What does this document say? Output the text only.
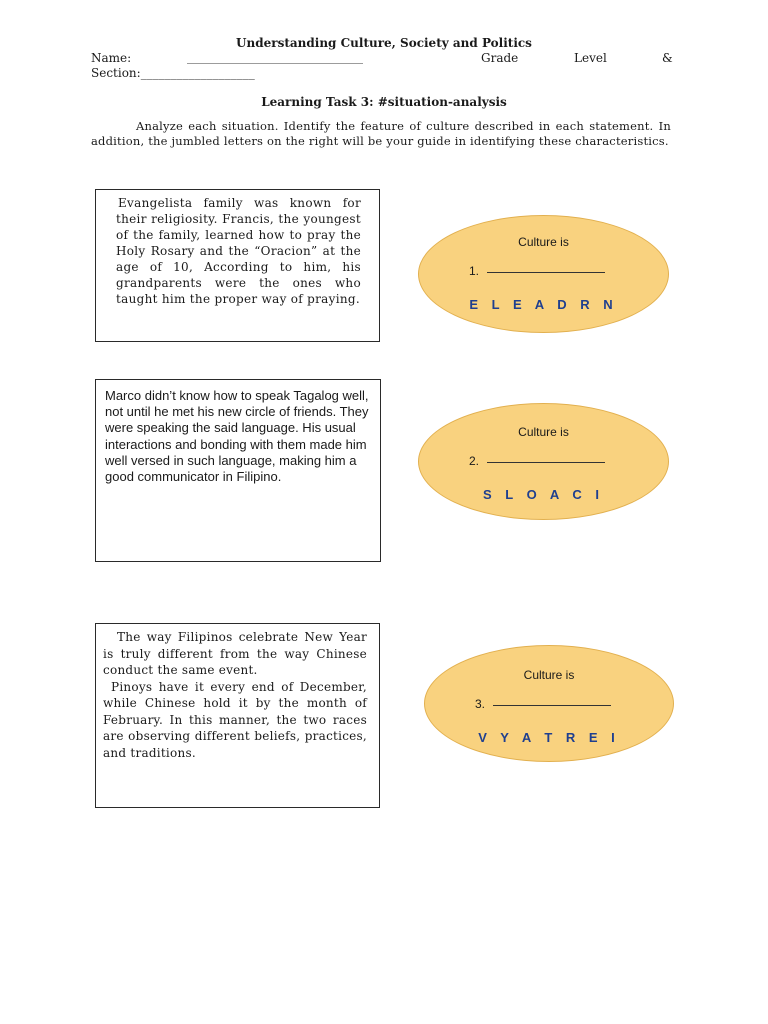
Understanding Culture, Society and Politics
Name:	________________________________	Grade	Level	&
Section:___________________
Learning Task 3: #situation-analysis
Analyze each situation. Identify the feature of culture described in each statement. In addition, the jumbled letters on the right will be your guide in identifying these characteristics.
Evangelista family was known for their religiosity. Francis, the youngest of the family, learned how to pray the Holy Rosary and the “Oracion” at the age of 10, According to him, his grandparents were the ones who taught him the proper way of praying.
Culture is
1.
E L E A D R N
Marco didn’t know how to speak Tagalog well, not until he met his new circle of friends. They were speaking the said language. His usual interactions and bonding with them made him well versed in such language, making him a good communicator in Filipino.
Culture is
2.
S L O A C I

The way Filipinos celebrate New Year is truly different from the way Chinese conduct the same event.

Pinoys have it every end of December, while Chinese hold it by the month of February. In this manner, the two races are observing different beliefs, practices, and traditions.

Culture is
3.
V Y A T R E I
